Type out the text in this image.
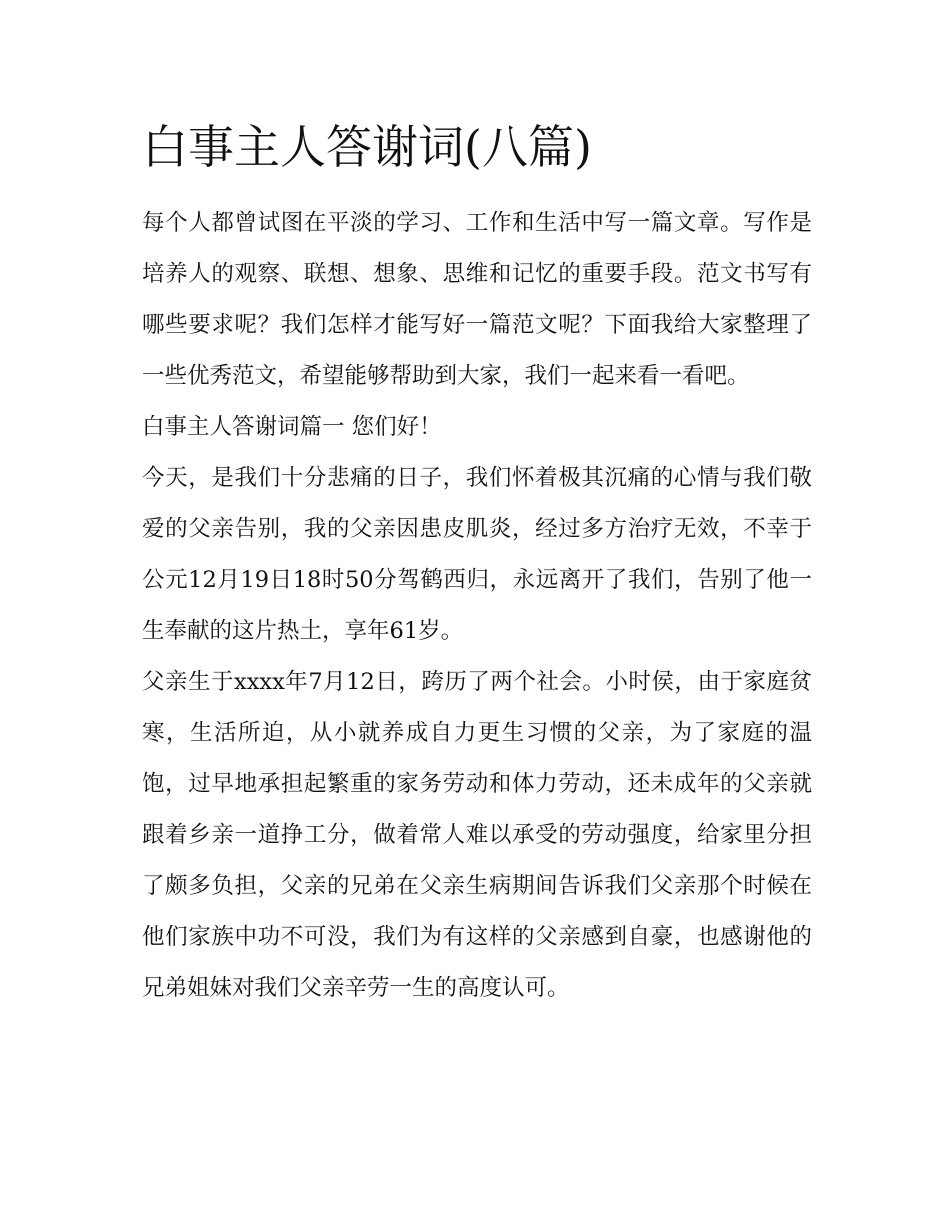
白事主人答谢词(八篇)

每个人都曾试图在平淡的学习、工作和生活中写一篇文章。写作是培养人的观察、联想、想象、思维和记忆的重要手段。范文书写有哪些要求呢？我们怎样才能写好一篇范文呢？下面我给大家整理了一些优秀范文，希望能够帮助到大家，我们一起来看一看吧。

白事主人答谢词篇一 您们好！

今天，是我们十分悲痛的日子，我们怀着极其沉痛的心情与我们敬爱的父亲告别，我的父亲因患皮肌炎，经过多方治疗无效，不幸于公元12月19日18时50分驾鹤西归，永远离开了我们，告别了他一生奉献的这片热土，享年61岁。

父亲生于xxxx年7月12日，跨历了两个社会。小时侯，由于家庭贫寒，生活所迫，从小就养成自力更生习惯的父亲，为了家庭的温饱，过早地承担起繁重的家务劳动和体力劳动，还未成年的父亲就跟着乡亲一道挣工分，做着常人难以承受的劳动强度，给家里分担了颇多负担，父亲的兄弟在父亲生病期间告诉我们父亲那个时候在他们家族中功不可没，我们为有这样的父亲感到自豪，也感谢他的兄弟姐妹对我们父亲辛劳一生的高度认可。
